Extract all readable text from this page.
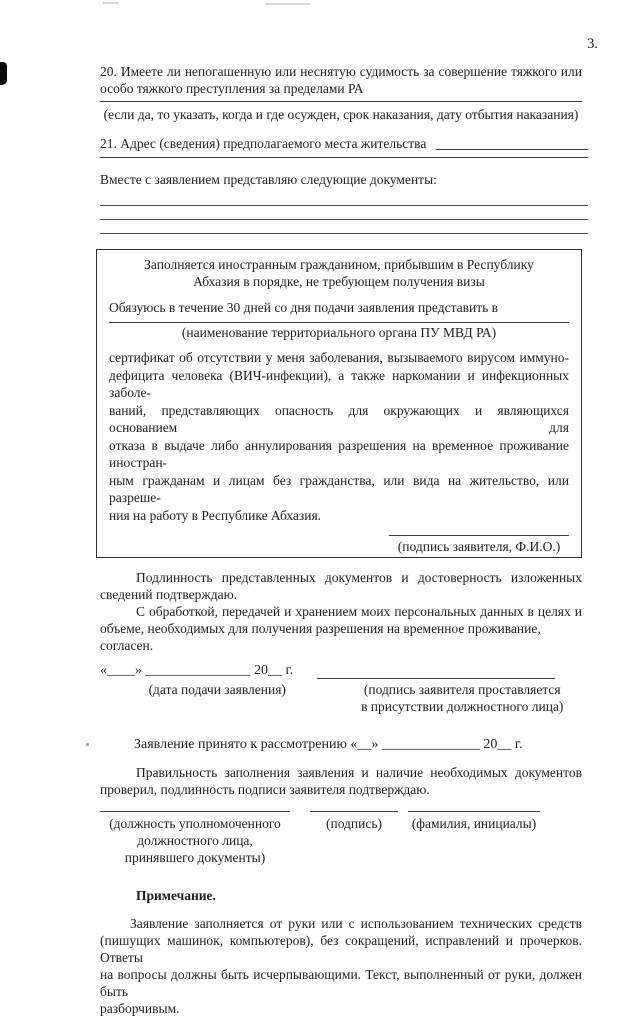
3.
20. Имеете ли непогашенную или неснятую судимость за совершение тяжкого или
особо тяжкого преступления за пределами РА
(если да, то указать, когда и где осужден, срок наказания, дату отбытия наказания)
21. Адрес (сведения) предполагаемого места жительства
Вместе с заявлением представляю следующие документы:
Заполняется иностранным гражданином, прибывшим в Республику
Абхазия в порядке, не требующем получения визы
Обязуюсь в течение 30 дней со дня подачи заявления представить в
(наименование территориального органа ПУ МВД РА)
сертификат об отсутствии у меня заболевания, вызываемого вирусом иммуно-
дефицита человека (ВИЧ-инфекции), а также наркомании и инфекционных заболе-
ваний, представляющих опасность для окружающих и являющихся основанием для
отказа в выдаче либо аннулирования разрешения на временное проживание иностран-
ным гражданам и лицам без гражданства, или вида на жительство, или разреше-
ния на работу в Республике Абхазия.
(подпись заявителя, Ф.И.О.)
Подлинность представленных документов и достоверность изложенных
сведений подтверждаю.
С обработкой, передачей и хранением моих персональных данных в целях и
объеме, необходимых для получения разрешения на временное проживание, согласен.
«____» _______________ 20__ г.
(дата подачи заявления)	(подпись заявителя проставляется
в присутствии должностного лица)
Заявление принято к рассмотрению «__» ______________ 20__ г.
Правильность заполнения заявления и наличие необходимых документов
проверил, подлинность подписи заявителя подтверждаю.
(должность уполномоченного
должностного лица,
принявшего документы)
(подпись)	(фамилия, инициалы)
Примечание.
Заявление заполняется от руки или с использованием технических средств
(пишущих машинок, компьютеров), без сокращений, исправлений и прочерков. Ответы
на вопросы должны быть исчерпывающими. Текст, выполненный от руки, должен быть
разборчивым.
